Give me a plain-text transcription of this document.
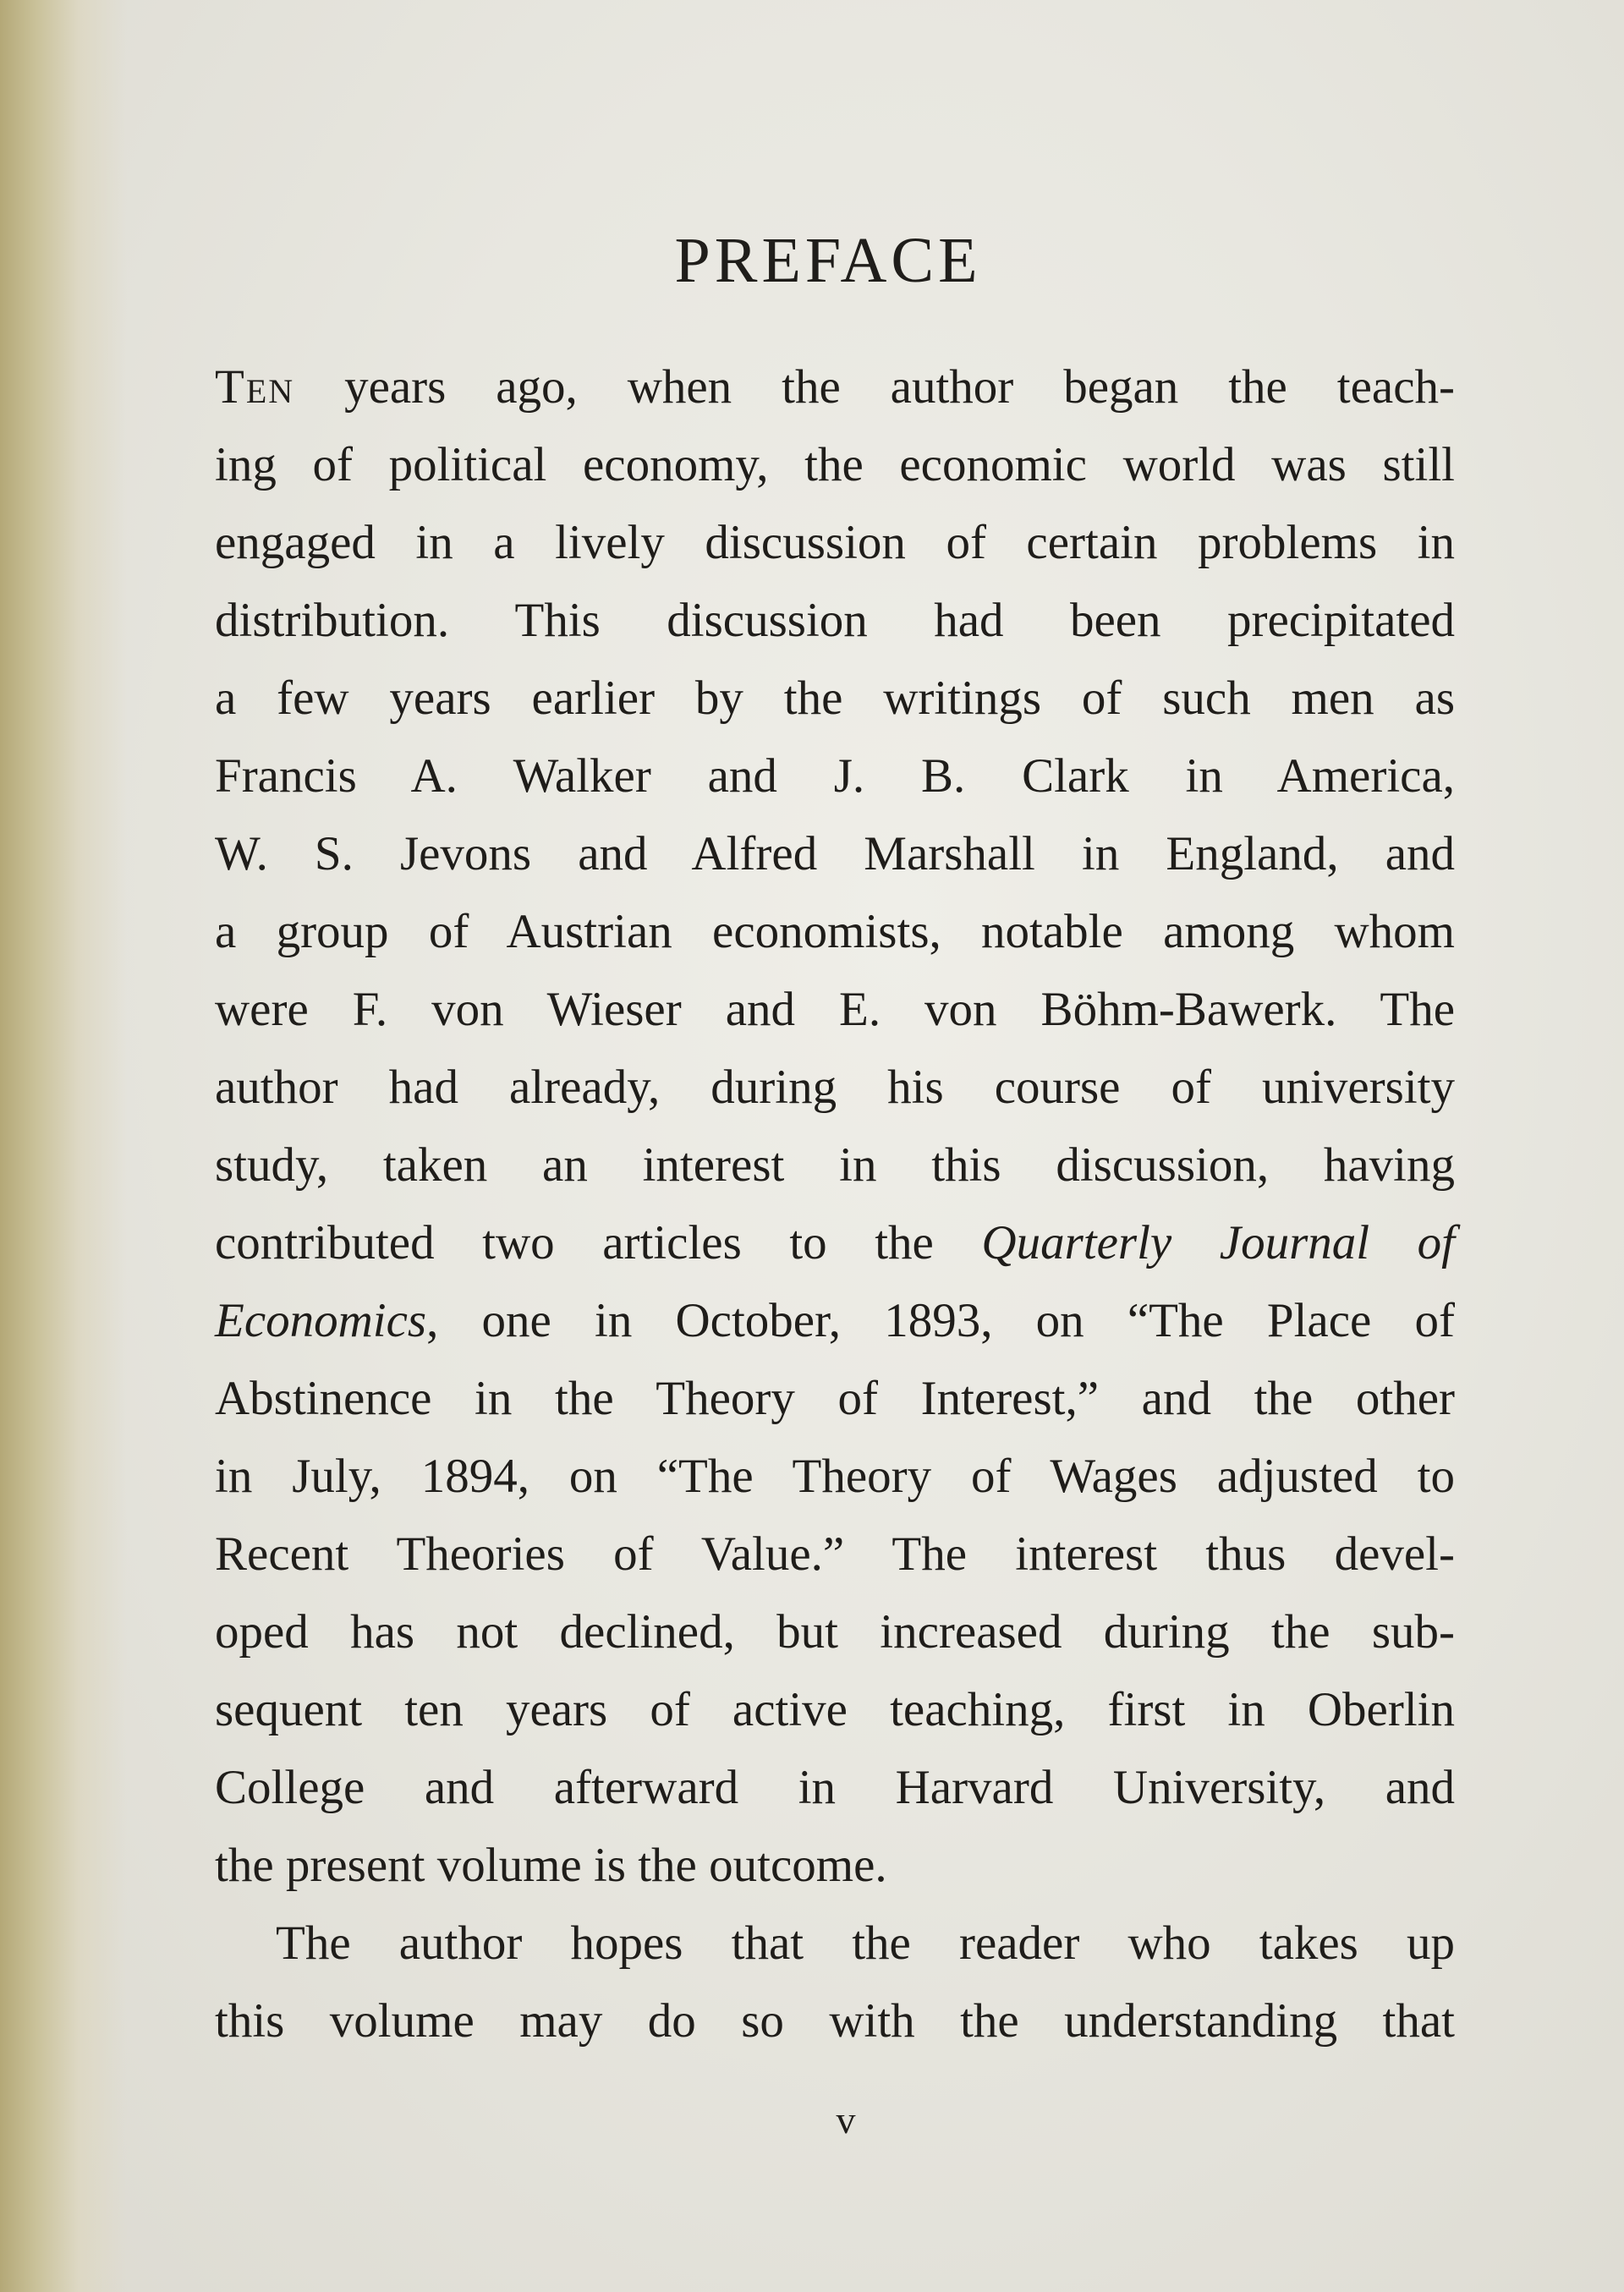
PREFACE

Ten years ago, when the author began the teach-
ing of political economy, the economic world was still
engaged in a lively discussion of certain problems in
distribution. This discussion had been precipitated
a few years earlier by the writings of such men as
Francis A. Walker and J. B. Clark in America,
W. S. Jevons and Alfred Marshall in England, and
a group of Austrian economists, notable among whom
were F. von Wieser and E. von Böhm-Bawerk. The
author had already, during his course of university
study, taken an interest in this discussion, having
contributed two articles to the Quarterly Journal of
Economics, one in October, 1893, on “The Place of
Abstinence in the Theory of Interest,” and the other
in July, 1894, on “The Theory of Wages adjusted to
Recent Theories of Value.” The interest thus devel-
oped has not declined, but increased during the sub-
sequent ten years of active teaching, first in Oberlin
College and afterward in Harvard University, and
the present volume is the outcome.

The author hopes that the reader who takes up
this volume may do so with the understanding that

v
